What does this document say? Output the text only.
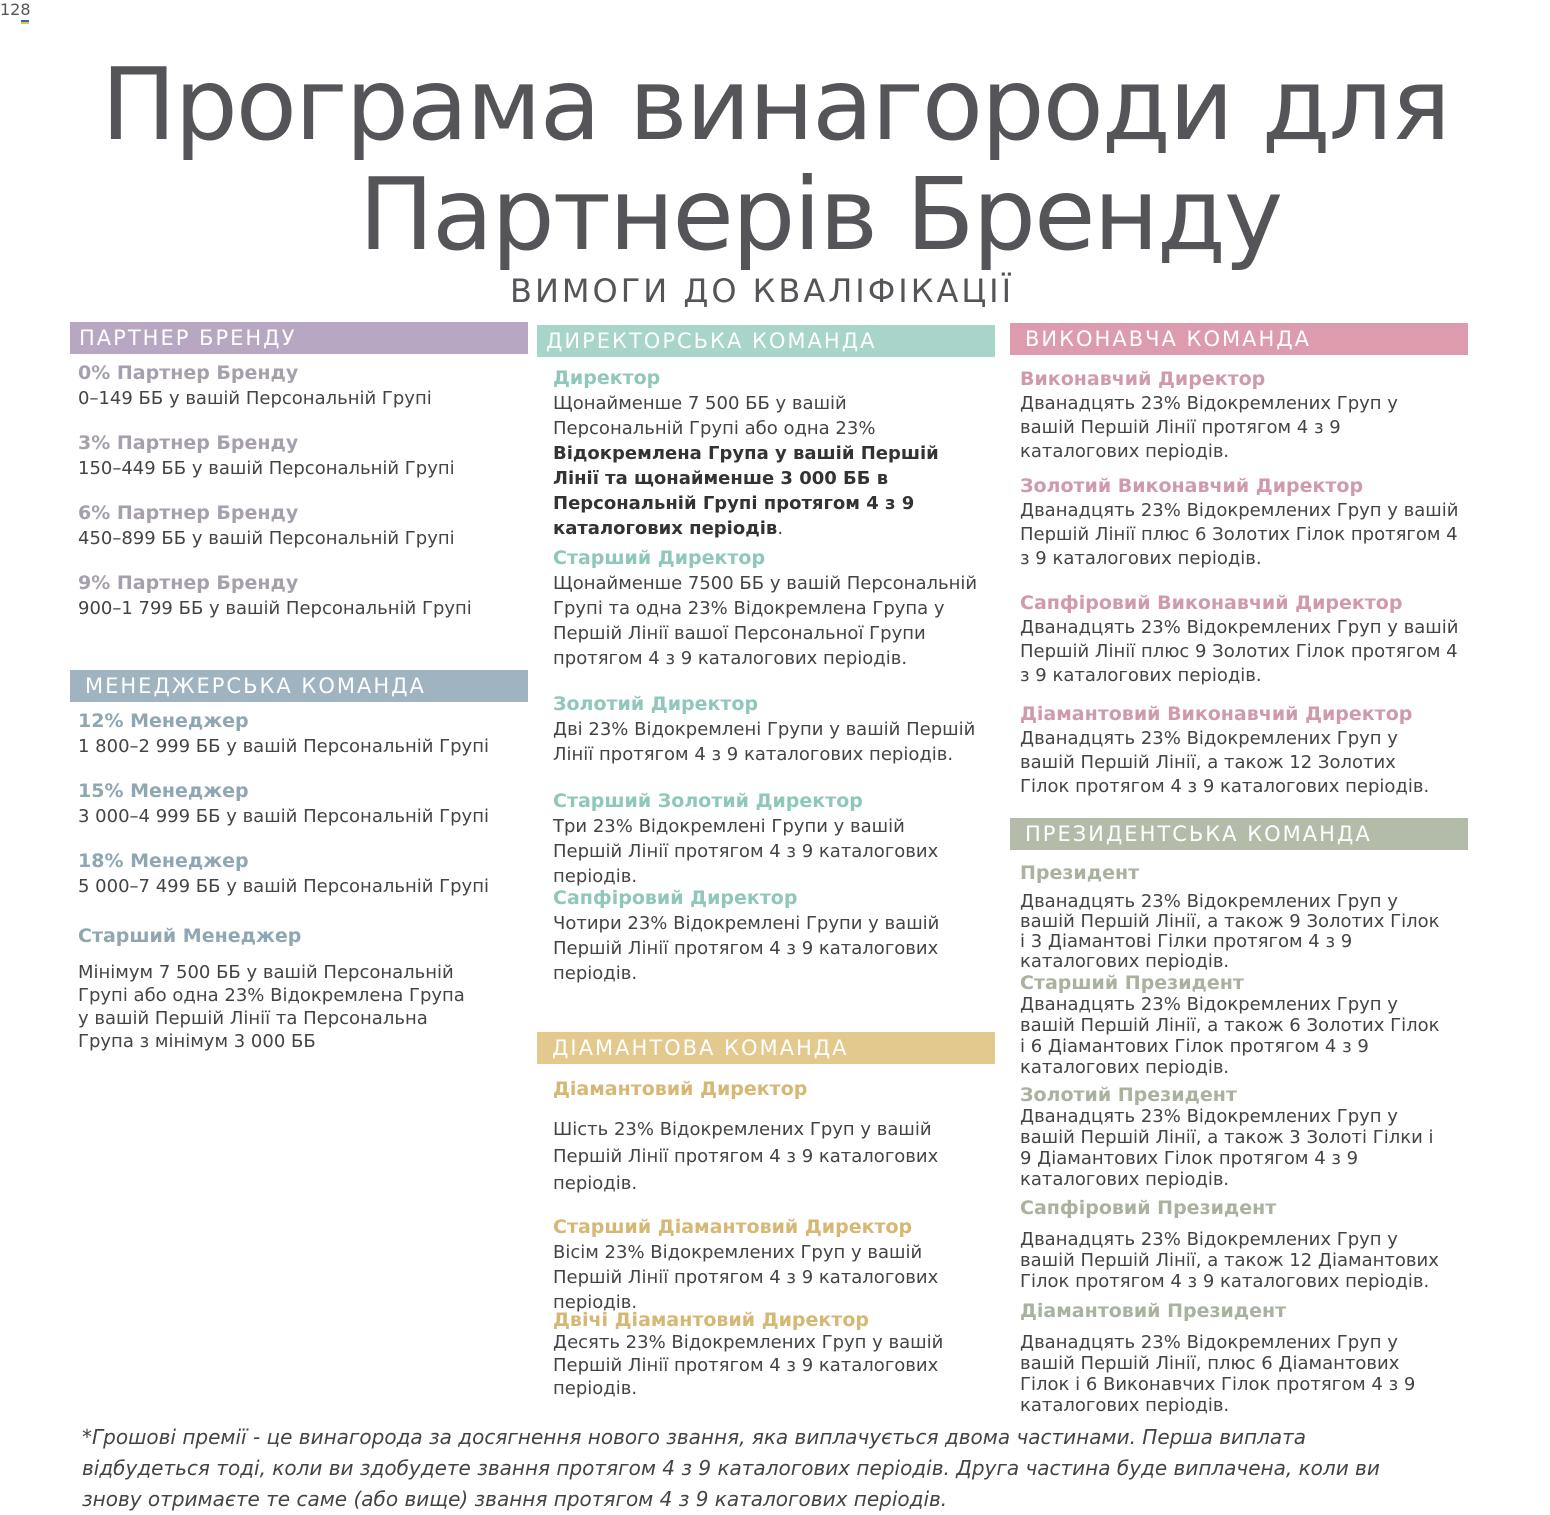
128
Програма винагороди для
Партнерів Бренду
ВИМОГИ ДО КВАЛІФІКАЦІЇ
ПАРТНЕР БРЕНДУ
0% Партнер Бренду
0–149 ББ у вашій Персональній Групі
3% Партнер Бренду
150–449 ББ у вашій Персональній Групі
6% Партнер Бренду
450–899 ББ у вашій Персональній Групі
9% Партнер Бренду
900–1 799 ББ у вашій Персональній Групі
МЕНЕДЖЕРСЬКА КОМАНДА
12% Менеджер
1 800–2 999 ББ у вашій Персональній Групі
15% Менеджер
3 000–4 999 ББ у вашій Персональній Групі
18% Менеджер
5 000–7 499 ББ у вашій Персональній Групі
Старший Менеджер
Мінімум 7 500 ББ у вашій Персональній Групі або одна 23% Відокремлена Група у вашій Першій Лінії та Персональна Група з мінімум 3 000 ББ
ДИРЕКТОРСЬКА КОМАНДА
Директор
Щонайменше 7 500 ББ у вашій Персональній Групі або одна 23% Відокремлена Група у вашій Першій Лінії та щонайменше 3 000 ББ в Персональній Групі протягом 4 з 9 каталогових періодів.
Старший Директор
Щонайменше 7500 ББ у вашій Персональній Групі та одна 23% Відокремлена Група у Першій Лінії вашої Персональної Групи протягом 4 з 9 каталогових періодів.
Золотий Директор
Дві 23% Відокремлені Групи у вашій Першій Лінії протягом 4 з 9 каталогових періодів.
Старший Золотий Директор
Три 23% Відокремлені Групи у вашій Першій Лінії протягом 4 з 9 каталогових періодів.
Сапфіровий Директор
Чотири 23% Відокремлені Групи у вашій Першій Лінії протягом 4 з 9 каталогових періодів.
ДІАМАНТОВА КОМАНДА
Діамантовий Директор
Шість 23% Відокремлених Груп у вашій Першій Лінії протягом 4 з 9 каталогових періодів.
Старший Діамантовий Директор
Вісім 23% Відокремлених Груп у вашій Першій Лінії протягом 4 з 9 каталогових періодів.
Двічі Діамантовий Директор
Десять 23% Відокремлених Груп у вашій Першій Лінії протягом 4 з 9 каталогових періодів.
ВИКОНАВЧА КОМАНДА
Виконавчий Директор
Дванадцять 23% Відокремлених Груп у вашій Першій Лінії протягом 4 з 9 каталогових періодів.
Золотий Виконавчий Директор
Дванадцять 23% Відокремлених Груп у вашій Першій Лінії плюс 6 Золотих Гілок протягом 4 з 9 каталогових періодів.
Сапфіровий Виконавчий Директор
Дванадцять 23% Відокремлених Груп у вашій Першій Лінії плюс 9 Золотих Гілок протягом 4 з 9 каталогових періодів.
Діамантовий Виконавчий Директор
Дванадцять 23% Відокремлених Груп у вашій Першій Лінії, а також 12 Золотих Гілок протягом 4 з 9 каталогових періодів.
ПРЕЗИДЕНТСЬКА КОМАНДА
Президент
Дванадцять 23% Відокремлених Груп у вашій Першій Лінії, а також 9 Золотих Гілок і 3 Діамантові Гілки протягом 4 з 9 каталогових періодів.
Старший Президент
Дванадцять 23% Відокремлених Груп у вашій Першій Лінії, а також 6 Золотих Гілок і 6 Діамантових Гілок протягом 4 з 9 каталогових періодів.
Золотий Президент
Дванадцять 23% Відокремлених Груп у вашій Першій Лінії, а також 3 Золоті Гілки і 9 Діамантових Гілок протягом 4 з 9 каталогових періодів.
Сапфіровий Президент
Дванадцять 23% Відокремлених Груп у вашій Першій Лінії, а також 12 Діамантових Гілок протягом 4 з 9 каталогових періодів.
Діамантовий Президент
Дванадцять 23% Відокремлених Груп у вашій Першій Лінії, плюс 6 Діамантових Гілок і 6 Виконавчих Гілок протягом 4 з 9 каталогових періодів.
*Грошові премії - це винагорода за досягнення нового звання, яка виплачується двома частинами. Перша виплата відбудеться тоді, коли ви здобудете звання протягом 4 з 9 каталогових періодів. Друга частина буде виплачена, коли ви знову отримаєте те саме (або вище) звання протягом 4 з 9 каталогових періодів.
